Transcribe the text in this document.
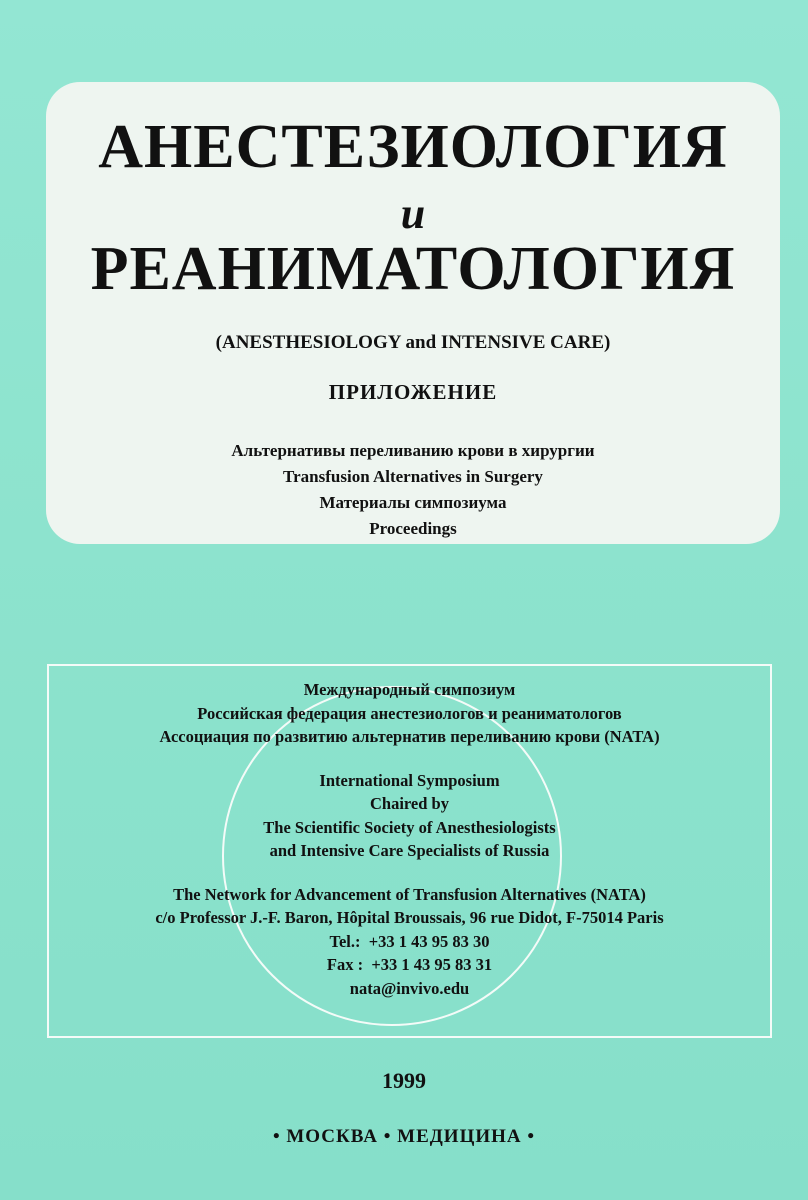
АНЕСТЕЗИОЛОГИЯ
и
РЕАНИМАТОЛОГИЯ
(ANESTHESIOLOGY and INTENSIVE CARE)
ПРИЛОЖЕНИЕ
Альтернативы переливанию крови в хирургии
Transfusion Alternatives in Surgery
Материалы симпозиума
Proceedings
Международный симпозиум
Российская федерация анестезиологов и реаниматологов
Ассоциация по развитию альтернатив переливанию крови (NATA)
International Symposium
Chaired by
The Scientific Society of Anesthesiologists
and Intensive Care Specialists of Russia
The Network for Advancement of Transfusion Alternatives (NATA)
c/o Professor J.-F. Baron, Hôpital Broussais, 96 rue Didot, F-75014 Paris
Tel.:  +33 1 43 95 83 30
Fax :  +33 1 43 95 83 31
nata@invivo.edu
1999
• МОСКВА • МЕДИЦИНА •
